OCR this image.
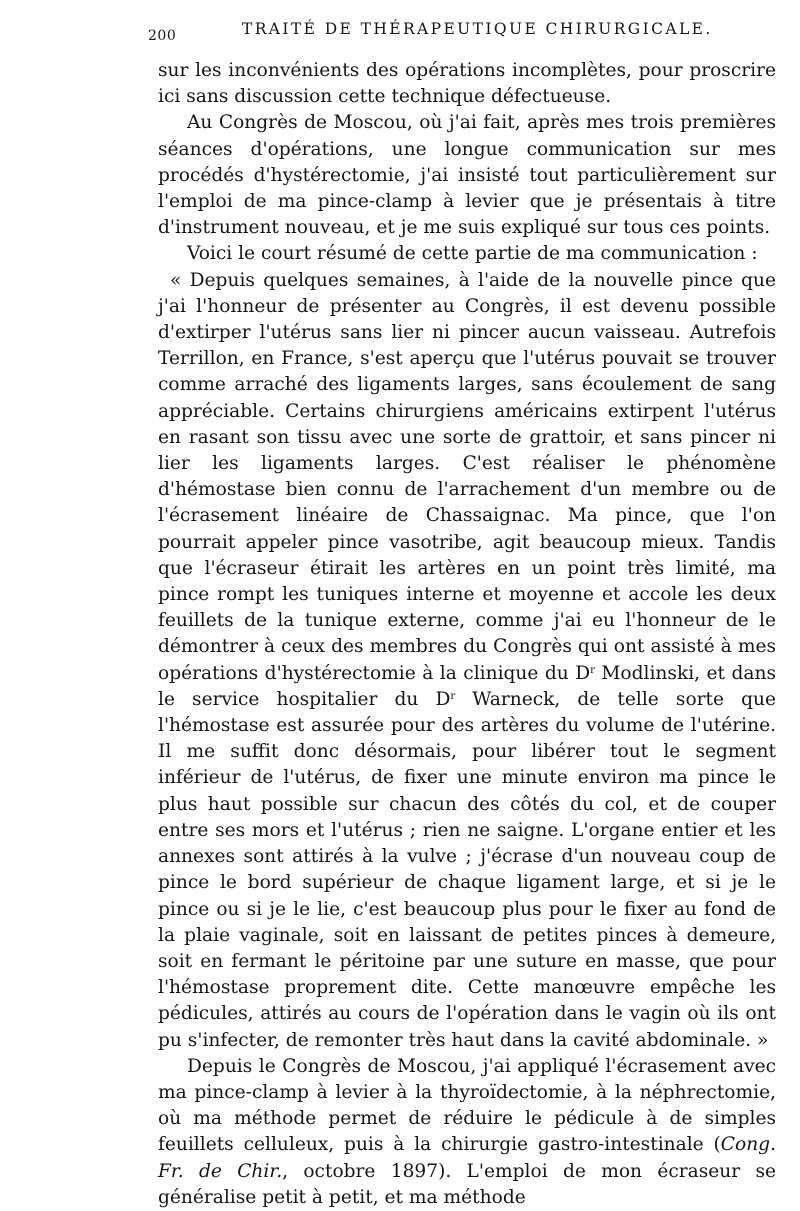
200	TRAITÉ DE THÉRAPEUTIQUE CHIRURGICALE.

sur les inconvénients des opérations incomplètes, pour proscrire ici sans discussion cette technique défectueuse.

Au Congrès de Moscou, où j'ai fait, après mes trois premières séances d'opérations, une longue communication sur mes procédés d'hystérectomie, j'ai insisté tout particulièrement sur l'emploi de ma pince-clamp à levier que je présentais à titre d'instrument nouveau, et je me suis expliqué sur tous ces points.

Voici le court résumé de cette partie de ma communication :

« Depuis quelques semaines, à l'aide de la nouvelle pince que j'ai l'honneur de présenter au Congrès, il est devenu possible d'extirper l'utérus sans lier ni pincer aucun vaisseau. Autrefois Terrillon, en France, s'est aperçu que l'utérus pouvait se trouver comme arraché des ligaments larges, sans écoulement de sang appréciable. Certains chirurgiens américains extirpent l'utérus en rasant son tissu avec une sorte de grattoir, et sans pincer ni lier les ligaments larges. C'est réaliser le phénomène d'hémostase bien connu de l'arrachement d'un membre ou de l'écrasement linéaire de Chassaignac. Ma pince, que l'on pourrait appeler pince vasotribe, agit beaucoup mieux. Tandis que l'écraseur étirait les artères en un point très limité, ma pince rompt les tuniques interne et moyenne et accole les deux feuillets de la tunique externe, comme j'ai eu l'honneur de le démontrer à ceux des membres du Congrès qui ont assisté à mes opérations d'hystérectomie à la clinique du $D^r$ Modlinski, et dans le service hospitalier du $D^r$ Warneck, de telle sorte que l'hémostase est assurée pour des artères du volume de l'utérine. Il me suffit donc désormais, pour libérer tout le segment inférieur de l'utérus, de fixer une minute environ ma pince le plus haut possible sur chacun des côtés du col, et de couper entre ses mors et l'utérus ; rien ne saigne. L'organe entier et les annexes sont attirés à la vulve ; j'écrase d'un nouveau coup de pince le bord supérieur de chaque ligament large, et si je le pince ou si je le lie, c'est beaucoup plus pour le fixer au fond de la plaie vaginale, soit en laissant de petites pinces à demeure, soit en fermant le péritoine par une suture en masse, que pour l'hémostase proprement dite. Cette manœuvre empêche les pédicules, attirés au cours de l'opération dans le vagin où ils ont pu s'infecter, de remonter très haut dans la cavité abdominale. »

Depuis le Congrès de Moscou, j'ai appliqué l'écrasement avec ma pince-clamp à levier à la thyroïdectomie, à la néphrectomie, où ma méthode permet de réduire le pédicule à de simples feuillets celluleux, puis à la chirurgie gastro-intestinale (Cong. Fr. de Chir., octobre 1897). L'emploi de mon écraseur se généralise petit à petit, et ma méthode
